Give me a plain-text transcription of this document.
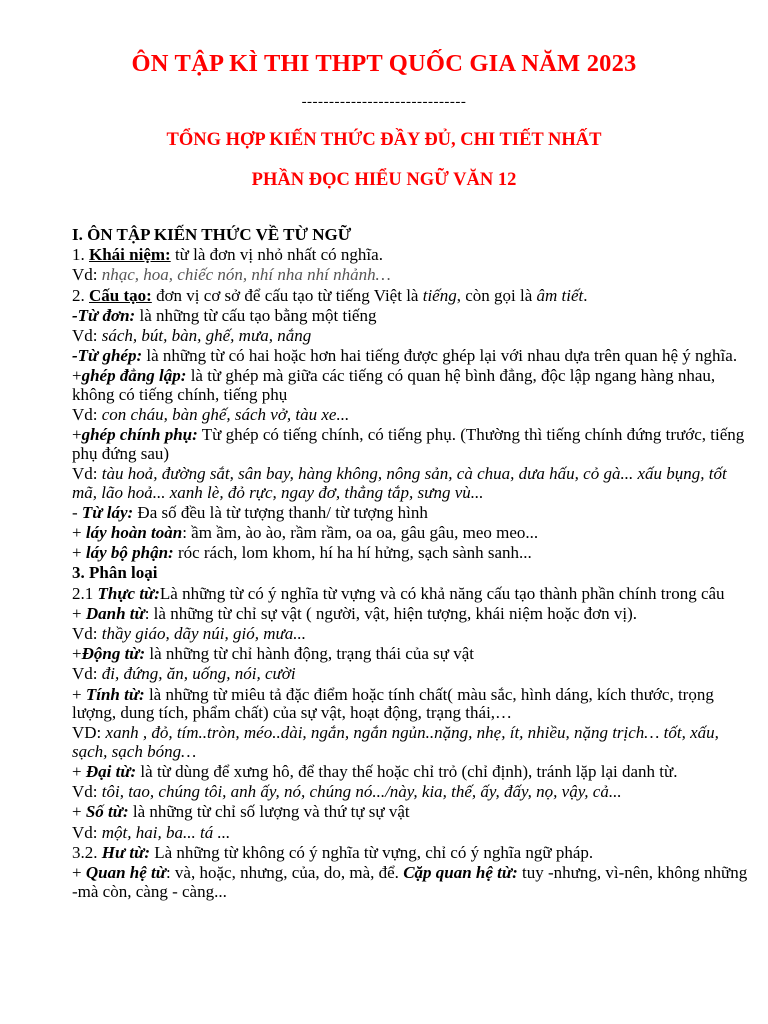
ÔN TẬP KÌ THI THPT QUỐC GIA NĂM 2023
------------------------------
TỔNG HỢP KIẾN THỨC ĐẦY ĐỦ, CHI TIẾT NHẤT
PHẦN ĐỌC HIỂU NGỮ VĂN 12

I. ÔN TẬP KIẾN THỨC VỀ TỪ NGỮ

1. Khái niệm: từ là đơn vị nhỏ nhất có nghĩa.

Vd: nhạc, hoa, chiếc nón, nhí nha nhí nhảnh…

2. Cấu tạo: đơn vị cơ sở để cấu tạo từ tiếng Việt là tiếng, còn gọi là âm tiết.

-Từ đơn: là những từ cấu tạo bằng một tiếng

Vd: sách, bút, bàn, ghế, mưa, nắng

-Từ ghép: là những từ có hai hoặc hơn hai tiếng được ghép lại với nhau dựa trên quan hệ ý nghĩa.

+ghép đẳng lập: là từ ghép mà giữa các tiếng có quan hệ bình đẳng, độc lập ngang hàng nhau, không có tiếng chính, tiếng phụ

Vd: con cháu, bàn ghế, sách vở, tàu xe...

+ghép chính phụ: Từ ghép có tiếng chính, có tiếng phụ. (Thường thì tiếng chính đứng trước, tiếng phụ đứng sau)

Vd: tàu hoả, đường sắt, sân bay, hàng không, nông sản, cà chua, dưa hấu, cỏ gà... xấu bụng, tốt mã, lão hoả... xanh lè, đỏ rực, ngay đơ, thẳng tắp, sưng vù...

- Từ láy: Đa số đều là từ tượng thanh/ từ tượng hình

+ láy hoàn toàn: ầm ầm, ào ào, rầm rầm, oa oa, gâu gâu, meo meo...

+ láy bộ phận: róc rách, lom khom, hí ha hí hửng, sạch sành sanh...

3. Phân loại

2.1 Thực từ:Là những từ có ý nghĩa từ vựng và có khả năng cấu tạo thành phần chính trong câu

+ Danh từ: là những từ chỉ sự vật ( người, vật, hiện tượng, khái niệm hoặc đơn vị).

Vd: thầy giáo, dãy núi, gió, mưa...

+Động từ: là những từ chỉ hành động, trạng thái của sự vật

Vd: đi, đứng, ăn, uống, nói, cười

+ Tính từ: là những từ miêu tả đặc điểm hoặc tính chất( màu sắc, hình dáng, kích thước, trọng lượng, dung tích, phẩm chất) của sự vật, hoạt động, trạng thái,…

VD: xanh , đỏ, tím..tròn, méo..dài, ngắn, ngắn ngủn..nặng, nhẹ, ít, nhiều, nặng trịch… tốt, xấu, sạch, sạch bóng…

+ Đại từ: là từ dùng để xưng hô, để thay thế hoặc chỉ trỏ (chỉ định), tránh lặp lại danh từ.

Vd: tôi, tao, chúng tôi, anh ấy, nó, chúng nó.../này, kia, thế, ấy, đấy, nọ, vậy, cả...

+ Số từ: là những từ chỉ số lượng và thứ tự sự vật

Vd: một, hai, ba... tá ...

3.2. Hư từ: Là những từ không có ý nghĩa từ vựng, chỉ có ý nghĩa ngữ pháp.

+ Quan hệ từ: và, hoặc, nhưng, của, do, mà, để. Cặp quan hệ từ: tuy -nhưng, vì-nên, không những -mà còn, càng - càng...
